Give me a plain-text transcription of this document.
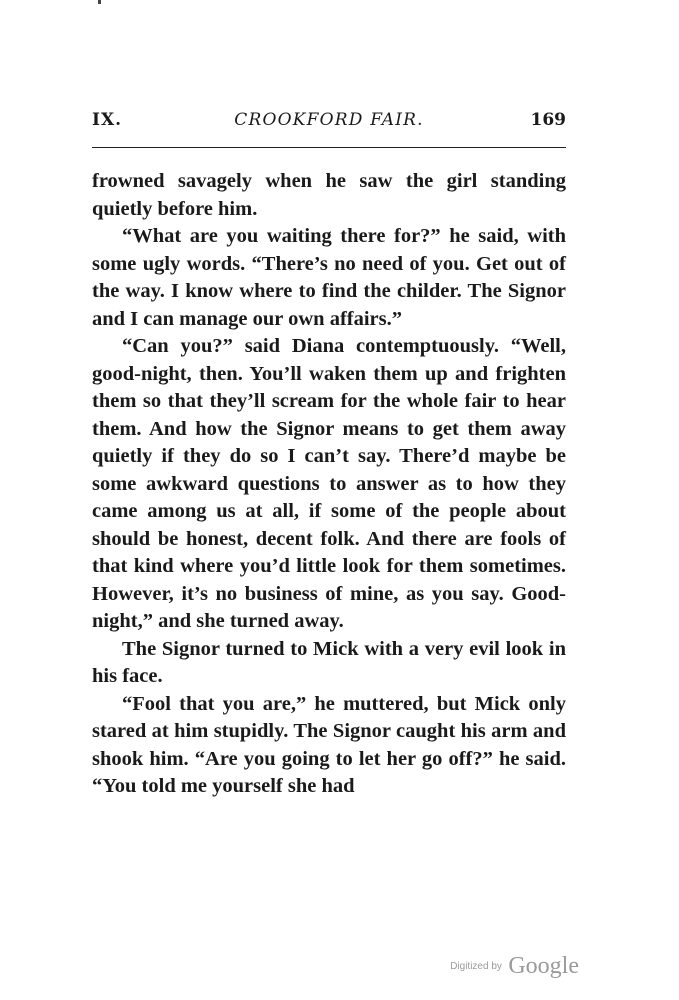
IX.	CROOKFORD FAIR.	169

frowned savagely when he saw the girl standing quietly before him.

“What are you waiting there for?” he said, with some ugly words. “There’s no need of you. Get out of the way. I know where to find the childer. The Signor and I can manage our own affairs.”

“Can you?” said Diana contemptuously. “Well, good-night, then. You’ll waken them up and frighten them so that they’ll scream for the whole fair to hear them. And how the Signor means to get them away quietly if they do so I can’t say. There’d maybe be some awkward questions to answer as to how they came among us at all, if some of the people about should be honest, decent folk. And there are fools of that kind where you’d little look for them sometimes. However, it’s no business of mine, as you say. Good-night,” and she turned away.

The Signor turned to Mick with a very evil look in his face.

“Fool that you are,” he muttered, but Mick only stared at him stupidly. The Signor caught his arm and shook him. “Are you going to let her go off?” he said. “You told me yourself she had

Digitized by Google
